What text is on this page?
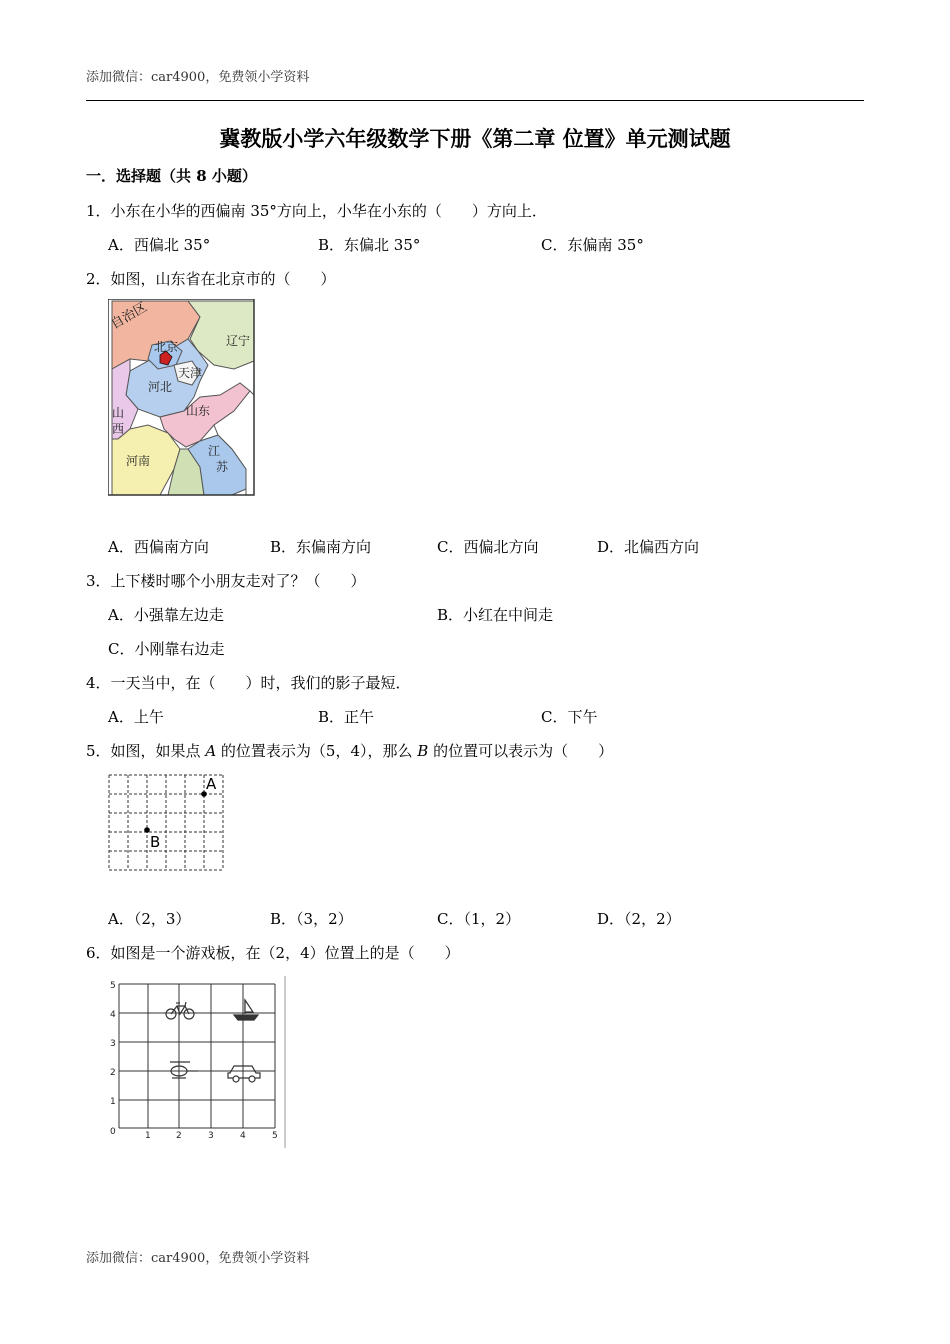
添加微信：car4900，免费领小学资料
冀教版小学六年级数学下册《第二章 位置》单元测试题
一．选择题（共 8 小题）
1．小东在小华的西偏南 35°方向上，小华在小东的（　　）方向上．
A．西偏北 35°	B．东偏北 35°	C．东偏南 35°
2．如图，山东省在北京市的（　　）
自治区
北京
天津
辽宁
河北
山东
山
西
河南
江
苏
A．西偏南方向	B．东偏南方向	C．西偏北方向	D．北偏西方向
3．上下楼时哪个小朋友走对了？（　　）
A．小强靠左边走	B．小红在中间走
C．小刚靠右边走
4．一天当中，在（　　）时，我们的影子最短．
A．上午	B．正午	C．下午
5．如图，如果点 A 的位置表示为（5，4），那么 B 的位置可以表示为（　　）
A
B
A．（2，3）	B．（3，2）	C．（1，2）	D．（2，2）
6．如图是一个游戏板，在（2，4）位置上的是（　　）
5
4
3
2
1
0	1	2	3	4	5
添加微信：car4900，免费领小学资料
